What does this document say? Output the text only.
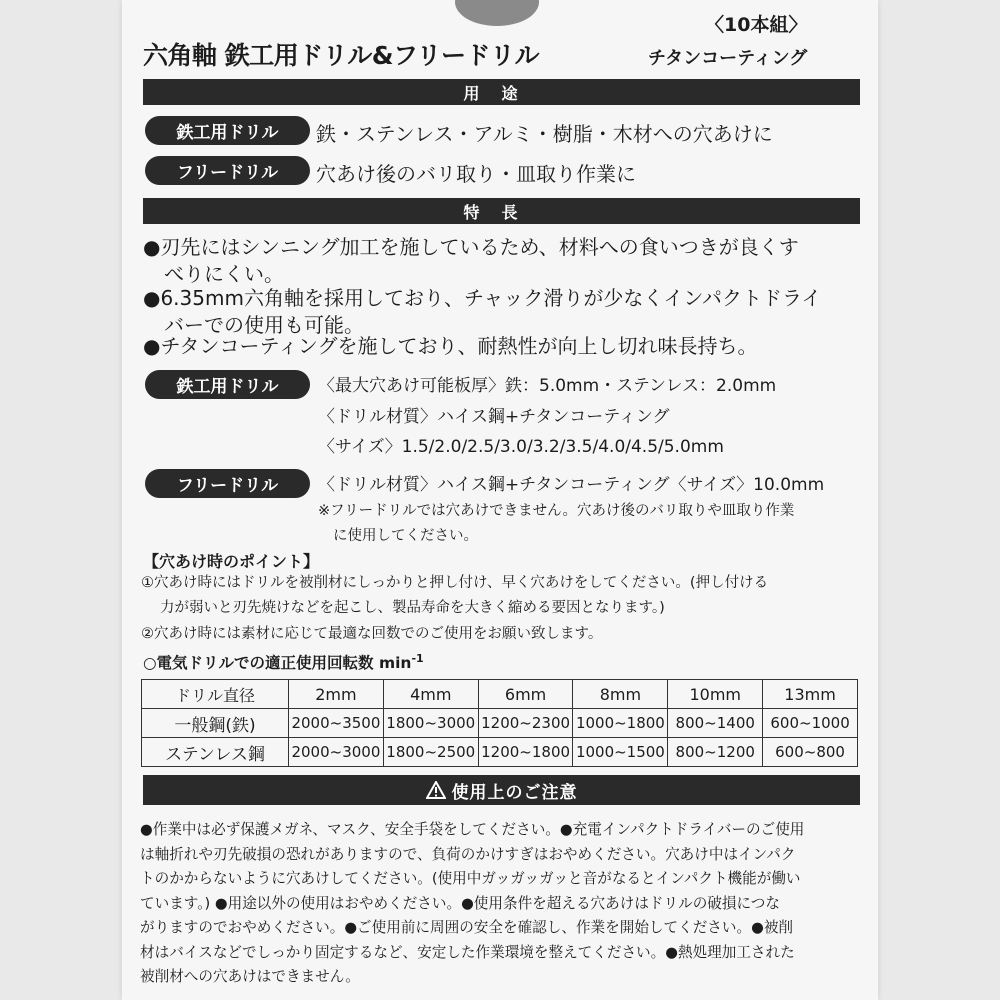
〈10本組〉
六角軸 鉄工用ドリル&フリードリル	チタンコーティング
用途
鉄工用ドリル	鉄・ステンレス・アルミ・樹脂・木材への穴あけに
フリードリル	穴あけ後のバリ取り・皿取り作業に
特長
●刃先にはシンニング加工を施しているため、材料への食いつきが良くす
べりにくい。
●6.35mm六角軸を採用しており、チャック滑りが少なくインパクトドライ
バーでの使用も可能。
●チタンコーティングを施しており、耐熱性が向上し切れ味長持ち。
鉄工用ドリル	〈最大穴あけ可能板厚〉鉄：5.0mm・ステンレス：2.0mm
〈ドリル材質〉ハイス鋼+チタンコーティング
〈サイズ〉1.5/2.0/2.5/3.0/3.2/3.5/4.0/4.5/5.0mm
フリードリル	〈ドリル材質〉ハイス鋼+チタンコーティング〈サイズ〉10.0mm
※フリードリルでは穴あけできません。穴あけ後のバリ取りや皿取り作業
に使用してください。
【穴あけ時のポイント】
①穴あけ時にはドリルを被削材にしっかりと押し付け、早く穴あけをしてください。(押し付ける
力が弱いと刃先焼けなどを起こし、製品寿命を大きく縮める要因となります。)
②穴あけ時には素材に応じて最適な回数でのご使用をお願い致します。
○電気ドリルでの適正使用回転数 $\min^{-1}$
ドリル直径	2mm	4mm	6mm	8mm	10mm	13mm
一般鋼(鉄)	2000~3500	1800~3000	1200~2300	1000~1800	800~1400	600~1000
ステンレス鋼	2000~3000	1800~2500	1200~1800	1000~1500	800~1200	600~800
使用上のご注意
●作業中は必ず保護メガネ、マスク、安全手袋をしてください。●充電インパクトドライバーのご使用
は軸折れや刃先破損の恐れがありますので、負荷のかけすぎはおやめください。穴あけ中はインパク
トのかからないように穴あけしてください。(使用中ガッガッガッと音がなるとインパクト機能が働い
ています。) ●用途以外の使用はおやめください。●使用条件を超える穴あけはドリルの破損につな
がりますのでおやめください。●ご使用前に周囲の安全を確認し、作業を開始してください。●被削
材はバイスなどでしっかり固定するなど、安定した作業環境を整えてください。●熱処理加工された
被削材への穴あけはできません。
